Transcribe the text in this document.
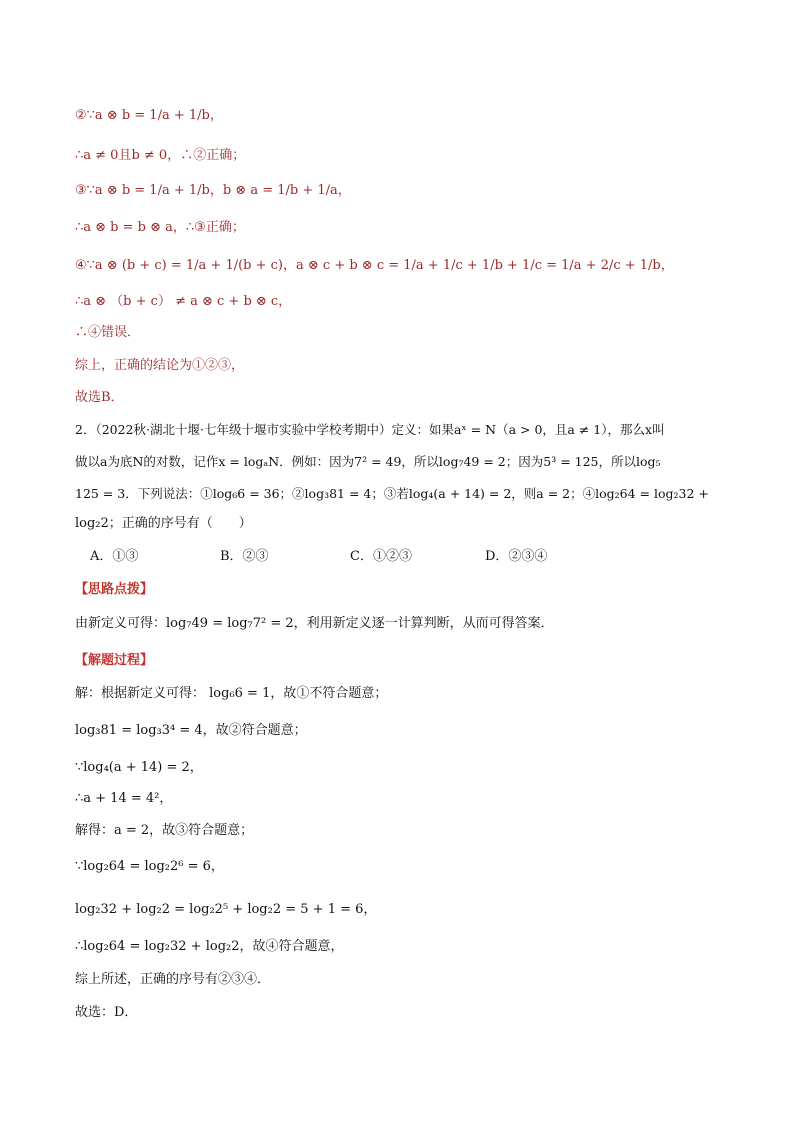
②∵a ⊗ b = 1/a + 1/b，
∴a ≠ 0且b ≠ 0，∴②正确；
③∵a ⊗ b = 1/a + 1/b，b ⊗ a = 1/b + 1/a，
∴a ⊗ b = b ⊗ a，∴③正确；
④∵a ⊗ (b + c) = 1/a + 1/(b + c)，a ⊗ c + b ⊗ c = 1/a + 1/c + 1/b + 1/c = 1/a + 2/c + 1/b，
∴a ⊗ （b + c） ≠ a ⊗ c + b ⊗ c，
∴④错误．
综上，正确的结论为①②③，
故选B．
2．（2022秋·湖北十堰·七年级十堰市实验中学校考期中）定义：如果aˣ = N（a > 0，且a ≠ 1），那么x叫
做以a为底N的对数，记作x = logₐN．例如：因为7² = 49，所以log₇49 = 2；因为5³ = 125，所以log₅
125 = 3．下列说法：①log₆6 = 36；②log₃81 = 4；③若log₄(a + 14) = 2，则a = 2；④log₂64 = log₂32 +
log₂2；正确的序号有（　　）
A．①③	B．②③	C．①②③	D．②③④
【思路点拨】
由新定义可得：log₇49 = log₇7² = 2，利用新定义逐一计算判断，从而可得答案．
【解题过程】
解：根据新定义可得： log₆6 = 1，故①不符合题意；
log₃81 = log₃3⁴ = 4，故②符合题意；
∵log₄(a + 14) = 2，
∴a + 14 = 4²，
解得：a = 2，故③符合题意；
∵log₂64 = log₂2⁶ = 6，
log₂32 + log₂2 = log₂2⁵ + log₂2 = 5 + 1 = 6，
∴log₂64 = log₂32 + log₂2，故④符合题意，
综上所述，正确的序号有②③④．
故选：D．
